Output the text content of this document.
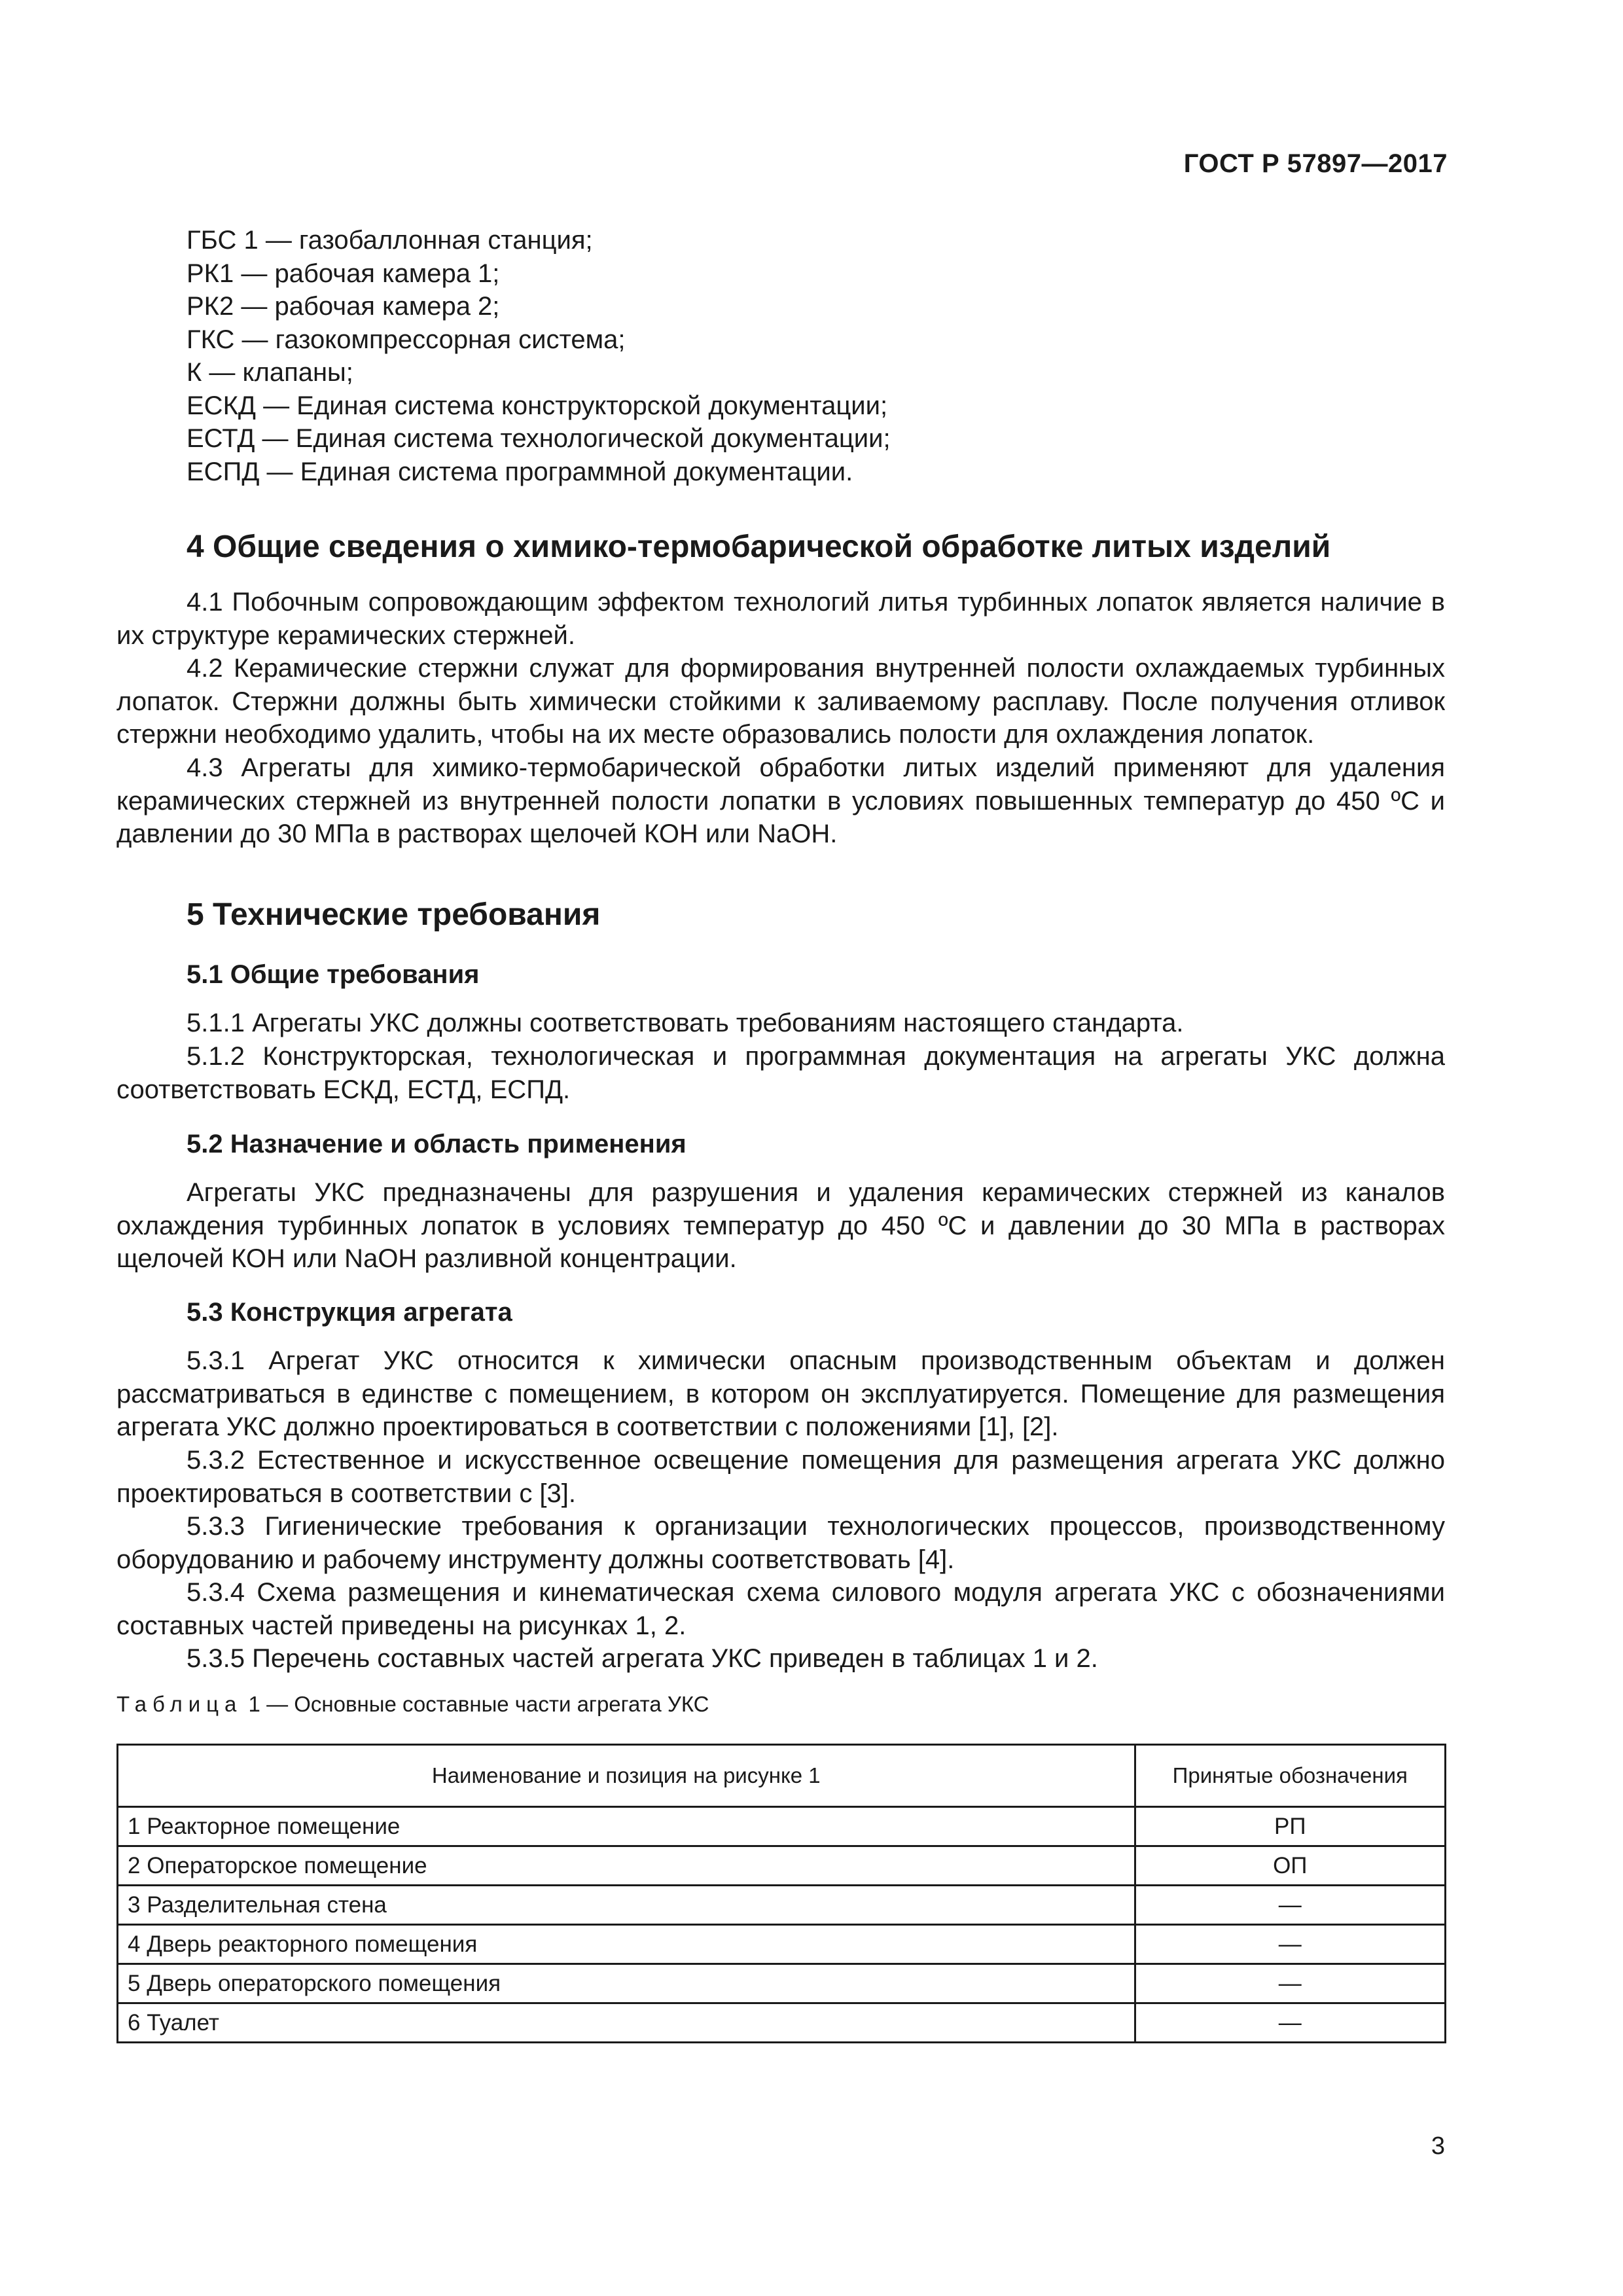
ГОСТ Р 57897—2017
ГБС 1 — газобаллонная станция;
РК1 — рабочая камера 1;
РК2 — рабочая камера 2;
ГКС — газокомпрессорная система;
К — клапаны;
ЕСКД — Единая система конструкторской документации;
ЕСТД — Единая система технологической документации;
ЕСПД — Единая система программной документации.
4 Общие сведения о химико-термобарической обработке литых изделий
4.1 Побочным сопровождающим эффектом технологий литья турбинных лопаток является наличие в их структуре керамических стержней.
4.2 Керамические стержни служат для формирования внутренней полости охлаждаемых турбинных лопаток. Стержни должны быть химически стойкими к заливаемому расплаву. После получения отливок стержни необходимо удалить, чтобы на их месте образовались полости для охлаждения лопаток.
4.3 Агрегаты для химико-термобарической обработки литых изделий применяют для удаления керамических стержней из внутренней полости лопатки в условиях повышенных температур до 450 ºС и давлении до 30 МПа в растворах щелочей КОН или NaOH.
5 Технические требования
5.1 Общие требования
5.1.1 Агрегаты УКС должны соответствовать требованиям настоящего стандарта.
5.1.2 Конструкторская, технологическая и программная документация на агрегаты УКС должна соответствовать ЕСКД, ЕСТД, ЕСПД.
5.2 Назначение и область применения
Агрегаты УКС предназначены для разрушения и удаления керамических стержней из каналов охлаждения турбинных лопаток в условиях температур до 450 ºС и давлении до 30 МПа в растворах щелочей КОН или NaOH разливной концентрации.
5.3 Конструкция агрегата
5.3.1 Агрегат УКС относится к химически опасным производственным объектам и должен рассматриваться в единстве с помещением, в котором он эксплуатируется. Помещение для размещения агрегата УКС должно проектироваться в соответствии с положениями [1], [2].
5.3.2 Естественное и искусственное освещение помещения для размещения агрегата УКС должно проектироваться в соответствии с [3].
5.3.3 Гигиенические требования к организации технологических процессов, производственному оборудованию и рабочему инструменту должны соответствовать [4].
5.3.4 Схема размещения и кинематическая схема силового модуля агрегата УКС с обозначениями составных частей приведены на рисунках 1, 2.
5.3.5 Перечень составных частей агрегата УКС приведен в таблицах 1 и 2.
Таблица 1 — Основные составные части агрегата УКС
Наименование и позиция на рисунке 1	Принятые обозначения
1 Реакторное помещение	РП
2 Операторское помещение	ОП
3 Разделительная стена	—
4 Дверь реакторного помещения	—
5 Дверь операторского помещения	—
6 Туалет	—
3
